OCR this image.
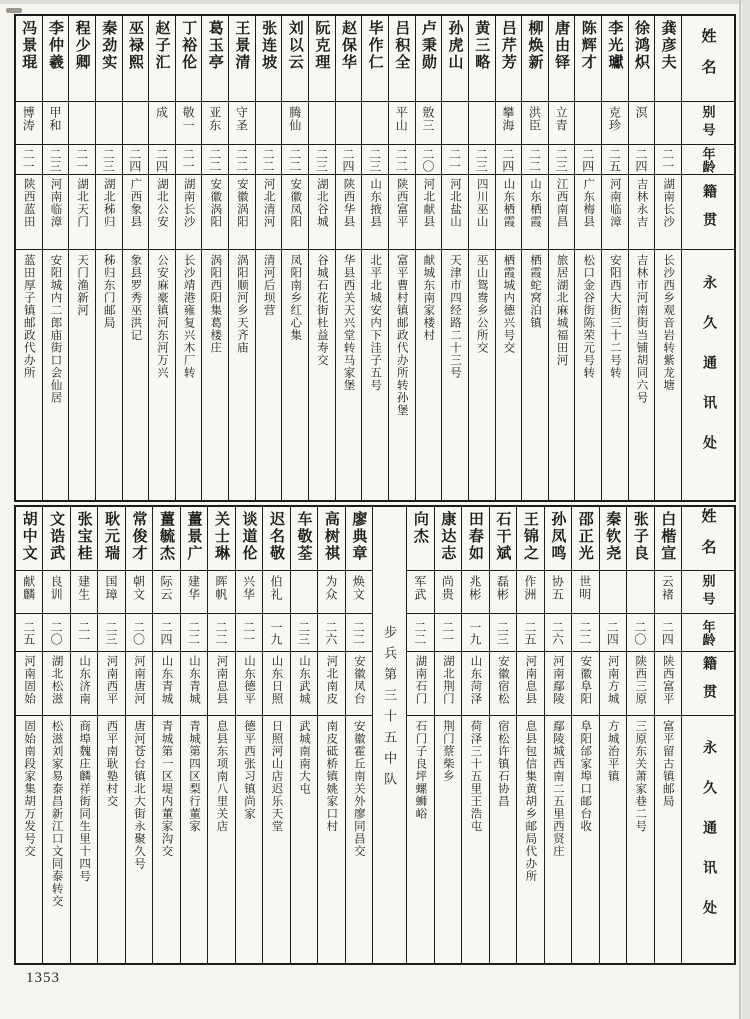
姓名
别号
年龄
籍贯
永久通讯处
龚彦夫
二一
湖南长沙
长沙西乡观音岩转紫龙塘
徐鸿炽
溟
二四
吉林永吉
吉林市河南街当铺胡同六号
李光瓛
克珍
二五
河南临漳
安阳西大街三十二号转
陈辉才
二四
广东梅县
松口金谷街陈荣元号转
唐由铎
立青
二三
江西南昌
旅居湖北麻城福田河
柳焕新
洪臣
二二
山东栖霞
栖霞蛇窝泊镇
吕芹芳
攀海
二四
山东栖霞
栖霞城内德兴号交
黄三略
二三
四川巫山
巫山鸳鸯乡公所交
孙虎山
二一
河北盐山
天津市四经路二十三号
卢秉勋
敫三
二〇
河北献县
献城东南家楼村
吕积全
平山
二二
陕西富平
富平曹村镇邮政代办所转孙堡
毕作仁
二三
山东掖县
北平北城安内下洼子五号
赵保华
二四
陕西华县
华县西关天兴堂转马家堡
阮克理
二三
湖北谷城
谷城石花街杜益寿交
刘以云
腾仙
二二
安徽凤阳
凤阳南乡红心集
张连坡
二二
河北清河
清河后坝营
王景清
守圣
二二
安徽涡阳
涡阳顺河乡天齐庙
葛玉亭
亚东
二二
安徽涡阳
涡阳西阳集葛楼庄
丁裕伦
敬一
二一
湖南长沙
长沙靖港雍复兴木厂转
赵子汇
成
二四
湖北公安
公安麻豪镇河东河万兴
巫禄熙
二四
广西象县
象县罗秀巫洪记
秦劲实
二三
湖北秭归
秭归东门邮局
程少卿
二一
湖北天门
天门渔新河
李仲羲
甲和
二三
河南临漳
安阳城内二郎庙街口会仙居
冯景琨
博涛
二一
陕西蓝田
蓝田厚子镇邮政代办所
姓名
别号
年龄
籍贯
永久通讯处
白楷宣
云褚
二四
陕西富平
富平留古镇邮局
张子良
二〇
陕西三原
三原东关萧家巷二号
秦钦尧
二四
河南方城
方城治平镇
邵正光
世明
二二
安徽阜阳
阜阳邰家埠口邮台收
孙凤鸣
协五
二六
河南鄢陵
鄢陵城西南二五里西贤庄
王锦之
作洲
二五
河南息县
息县包信集黄胡乡邮局代办所
石干斌
磊彬
二三
安徽宿松
宿松许镇石协昌
田春如
兆彬
一九
山东菏泽
荷泽三十五里王浩屯
康达志
尚贵
二一
湖北荆门
荆门蔡柴乡
向杰
军武
二二
湖南石门
石门子良坪螺蛳峪
步兵第三十五中队
廖典章
焕文
二二
安徽凤台
安徽霍丘南关外廖同昌交
高树祺
为众
二六
河北南皮
南皮砥桥镇姚家口村
车敬荃
二三
山东武城
武城南南大屯
迟名敬
伯礼
一九
山东日照
日照河山店迟乐天堂
谈道伦
兴华
二一
山东德平
德平西张习镇尚家
关士琳
晖帆
二二
河南息县
息县东项南八里关店
薑景广
建华
二二
山东青城
青城第四区梨行董家
薑毓杰
际云
二四
山东青城
青城第一区堤内董家沟交
常俊才
朝文
二〇
河南唐河
唐河苍台镇北大街永聚久号
耿元瑞
国璋
二三
河南西平
西平南耿塾村交
张宝桂
建生
二一
山东济南
商埠魏庄麟祥街同生里十四号
文诰武
良训
二〇
湖北松滋
松滋刘家易泰昌新江口文同泰转交
胡中文
献麟
二五
河南固始
固始南段家集胡万发号交
1353
